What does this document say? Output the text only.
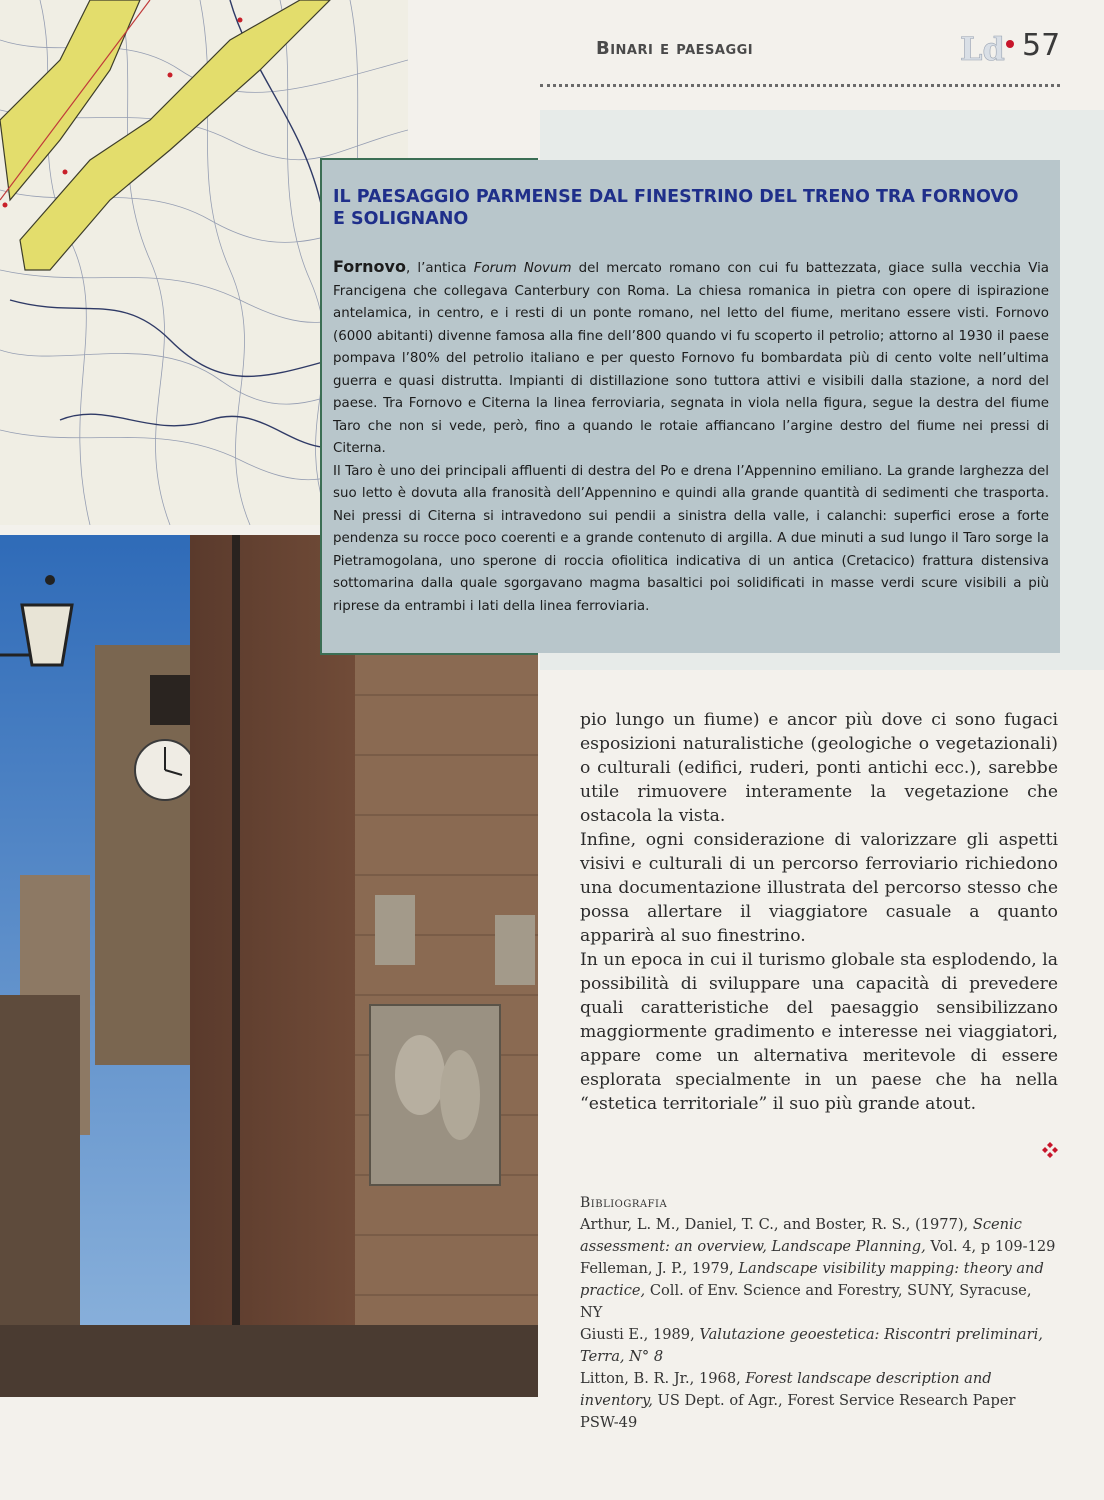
Binari e paesaggi	Ld 57
IL PAESAGGIO PARMENSE DAL FINESTRINO DEL TRENO TRA FORNOVO E SOLIGNANO

Fornovo, l’antica Forum Novum del mercato romano con cui fu battezzata, giace sulla vecchia Via Francigena che collegava Canterbury con Roma. La chiesa romanica in pietra con opere di ispirazione antelamica, in centro, e i resti di un ponte romano, nel letto del fiume, meritano essere visti. Fornovo (6000 abitanti) divenne famosa alla fine dell’800 quando vi fu scoperto il petrolio; attorno al 1930 il paese pompava l’80% del petrolio italiano e per questo Fornovo fu bombardata più di cento volte nell’ultima guerra e quasi distrutta. Impianti di distillazione sono tuttora attivi e visibili dalla stazione, a nord del paese. Tra Fornovo e Citerna la linea ferroviaria, segnata in viola nella figura, segue la destra del fiume Taro che non si vede, però, fino a quando le rotaie affiancano l’argine destro del fiume nei pressi di Citerna.

Il Taro è uno dei principali affluenti di destra del Po e drena l’Appennino emiliano. La grande larghezza del suo letto è dovuta alla franosità dell’Appennino e quindi alla grande quantità di sedimenti che trasporta. Nei pressi di Citerna si intravedono sui pendii a sinistra della valle, i calanchi: superfici erose a forte pendenza su rocce poco coerenti e a grande contenuto di argilla. A due minuti a sud lungo il Taro sorge la Pietramogolana, uno sperone di roccia ofiolitica indicativa di un antica (Cretacico) frattura distensiva sottomarina dalla quale sgorgavano magma basaltici poi solidificati in masse verdi scure visibili a più riprese da entrambi i lati della linea ferroviaria.

pio lungo un fiume) e ancor più dove ci sono fugaci esposizioni naturalistiche (geologiche o vegetazionali) o culturali (edifici, ruderi, ponti antichi ecc.), sarebbe utile rimuovere interamente la vegetazione che ostacola la vista.

Infine, ogni considerazione di valorizzare gli aspetti visivi e culturali di un percorso ferroviario richiedono una documentazione illustrata del percorso stesso che possa allertare il viaggiatore casuale a quanto apparirà al suo finestrino.

In un epoca in cui il turismo globale sta esplodendo, la possibilità di sviluppare una capacità di prevedere quali caratteristiche del paesaggio sensibilizzano maggiormente gradimento e interesse nei viaggiatori, appare come un alternativa meritevole di essere esplorata specialmente in un paese che ha nella “estetica territoriale” il suo più grande atout.

Bibliografia

Arthur, L. M., Daniel, T. C., and Boster, R. S., (1977), Scenic assessment: an overview, Landscape Planning, Vol. 4, p 109-129

Felleman, J. P., 1979, Landscape visibility mapping: theory and practice, Coll. of Env. Science and Forestry, SUNY, Syracuse, NY

Giusti E., 1989, Valutazione geoestetica: Riscontri preliminari, Terra, N° 8

Litton, B. R. Jr., 1968, Forest landscape description and inventory, US Dept. of Agr., Forest Service Research Paper PSW-49
